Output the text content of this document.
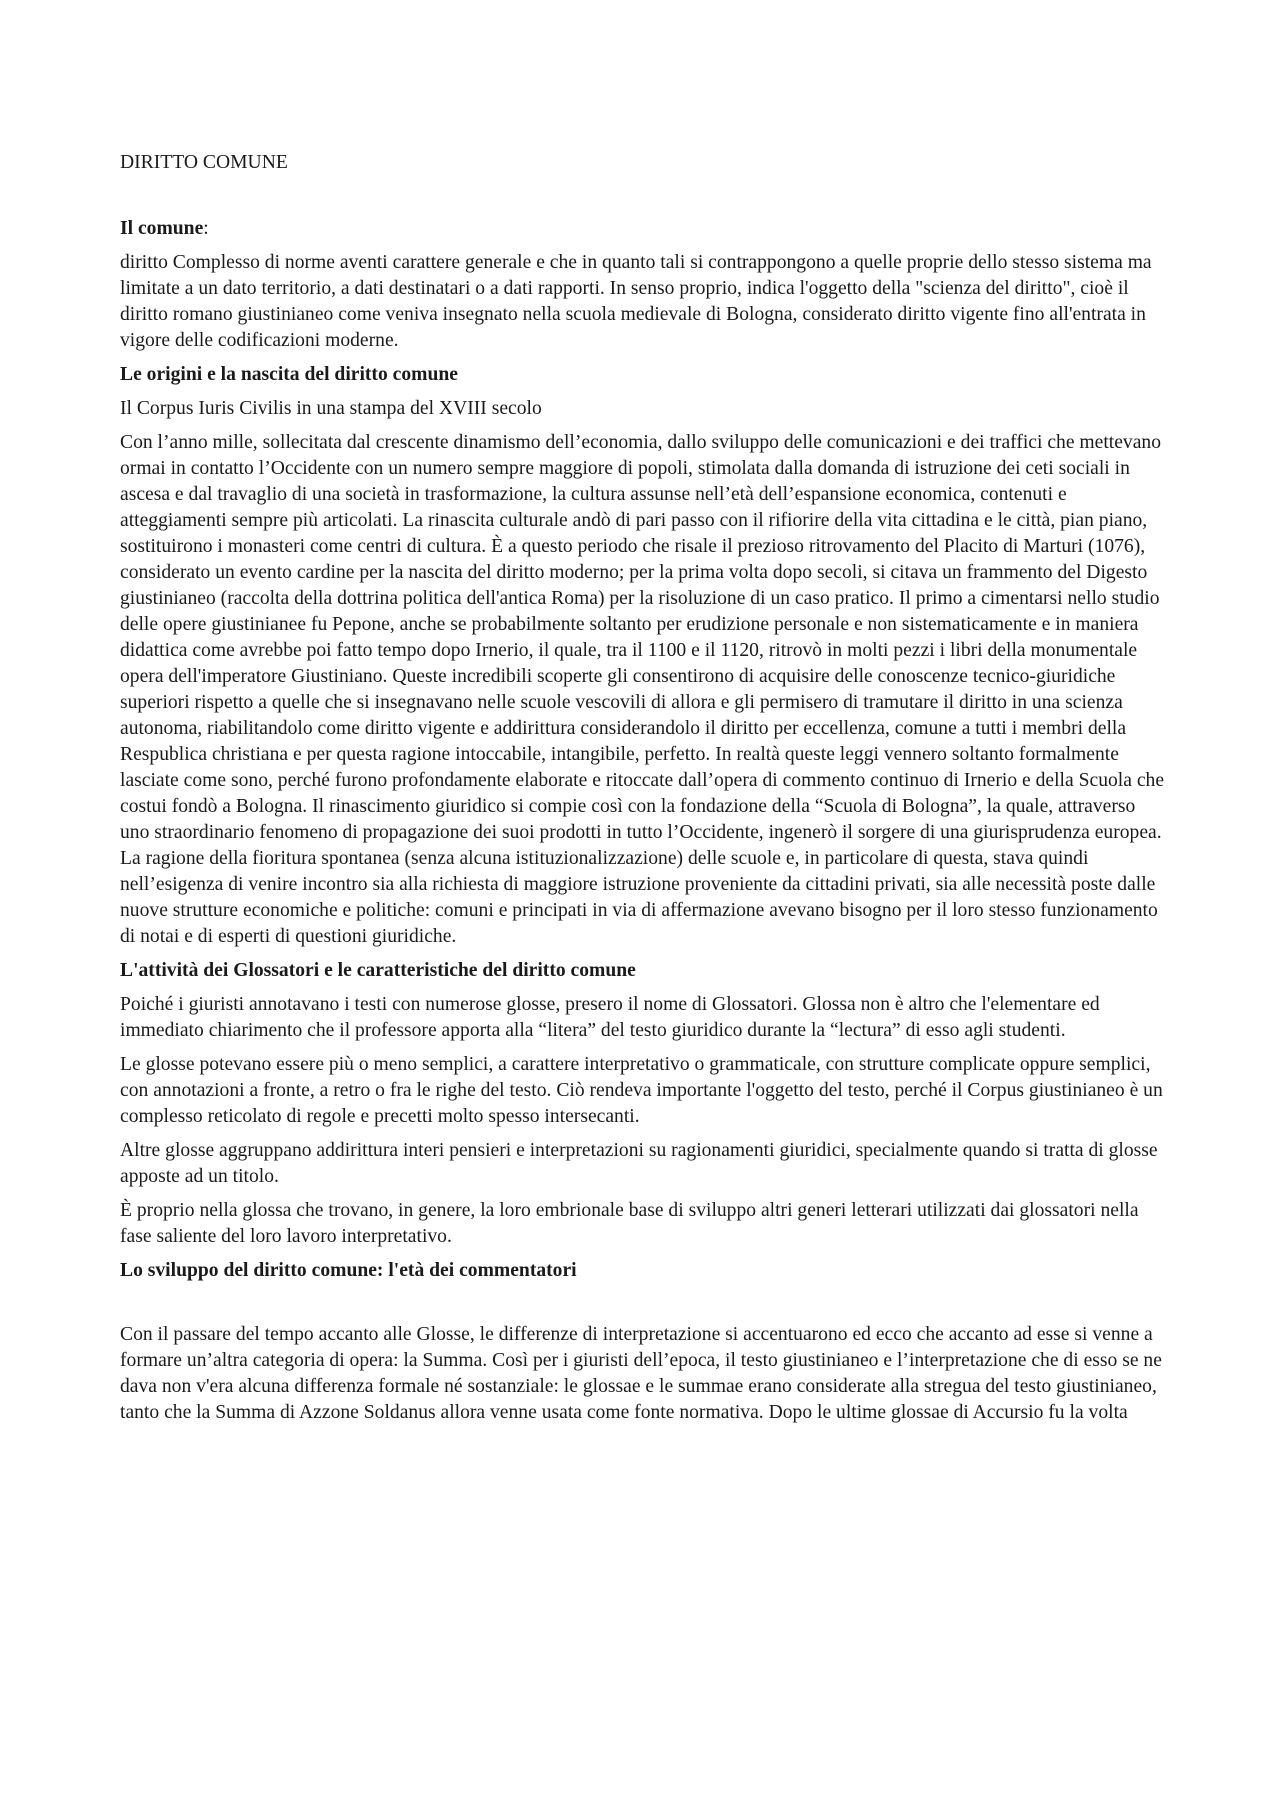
DIRITTO COMUNE
Il comune:

diritto Complesso di norme aventi carattere generale e che in quanto tali si contrappongono a quelle proprie dello stesso sistema ma limitate a un dato territorio, a dati destinatari o a dati rapporti. In senso proprio, indica l'oggetto della "scienza del diritto", cioè il diritto romano giustinianeo come veniva insegnato nella scuola medievale di Bologna, considerato diritto vigente fino all'entrata in vigore delle codificazioni moderne.

Le origini e la nascita del diritto comune

Il Corpus Iuris Civilis in una stampa del XVIII secolo

Con l’anno mille, sollecitata dal crescente dinamismo dell’economia, dallo sviluppo delle comunicazioni e dei traffici che mettevano ormai in contatto l’Occidente con un numero sempre maggiore di popoli, stimolata dalla domanda di istruzione dei ceti sociali in ascesa e dal travaglio di una società in trasformazione, la cultura assunse nell’età dell’espansione economica, contenuti e atteggiamenti sempre più articolati. La rinascita culturale andò di pari passo con il rifiorire della vita cittadina e le città, pian piano, sostituirono i monasteri come centri di cultura. È a questo periodo che risale il prezioso ritrovamento del Placito di Marturi (1076), considerato un evento cardine per la nascita del diritto moderno; per la prima volta dopo secoli, si citava un frammento del Digesto giustinianeo (raccolta della dottrina politica dell'antica Roma) per la risoluzione di un caso pratico. Il primo a cimentarsi nello studio delle opere giustinianee fu Pepone, anche se probabilmente soltanto per erudizione personale e non sistematicamente e in maniera didattica come avrebbe poi fatto tempo dopo Irnerio, il quale, tra il 1100 e il 1120, ritrovò in molti pezzi i libri della monumentale opera dell'imperatore Giustiniano. Queste incredibili scoperte gli consentirono di acquisire delle conoscenze tecnico-giuridiche superiori rispetto a quelle che si insegnavano nelle scuole vescovili di allora e gli permisero di tramutare il diritto in una scienza autonoma, riabilitandolo come diritto vigente e addirittura considerandolo il diritto per eccellenza, comune a tutti i membri della Respublica christiana e per questa ragione intoccabile, intangibile, perfetto. In realtà queste leggi vennero soltanto formalmente lasciate come sono, perché furono profondamente elaborate e ritoccate dall’opera di commento continuo di Irnerio e della Scuola che costui fondò a Bologna. Il rinascimento giuridico si compie così con la fondazione della “Scuola di Bologna”, la quale, attraverso uno straordinario fenomeno di propagazione dei suoi prodotti in tutto l’Occidente, ingenerò il sorgere di una giurisprudenza europea. La ragione della fioritura spontanea (senza alcuna istituzionalizzazione) delle scuole e, in particolare di questa, stava quindi nell’esigenza di venire incontro sia alla richiesta di maggiore istruzione proveniente da cittadini privati, sia alle necessità poste dalle nuove strutture economiche e politiche: comuni e principati in via di affermazione avevano bisogno per il loro stesso funzionamento di notai e di esperti di questioni giuridiche.

L'attività dei Glossatori e le caratteristiche del diritto comune

Poiché i giuristi annotavano i testi con numerose glosse, presero il nome di Glossatori. Glossa non è altro che l'elementare ed immediato chiarimento che il professore apporta alla “litera” del testo giuridico durante la “lectura” di esso agli studenti.

Le glosse potevano essere più o meno semplici, a carattere interpretativo o grammaticale, con strutture complicate oppure semplici, con annotazioni a fronte, a retro o fra le righe del testo. Ciò rendeva importante l'oggetto del testo, perché il Corpus giustinianeo è un complesso reticolato di regole e precetti molto spesso intersecanti.

Altre glosse aggruppano addirittura interi pensieri e interpretazioni su ragionamenti giuridici, specialmente quando si tratta di glosse apposte ad un titolo.

È proprio nella glossa che trovano, in genere, la loro embrionale base di sviluppo altri generi letterari utilizzati dai glossatori nella fase saliente del loro lavoro interpretativo.

Lo sviluppo del diritto comune: l'età dei commentatori

Con il passare del tempo accanto alle Glosse, le differenze di interpretazione si accentuarono ed ecco che accanto ad esse si venne a formare un’altra categoria di opera: la Summa. Così per i giuristi dell’epoca, il testo giustinianeo e l’interpretazione che di esso se ne dava non v'era alcuna differenza formale né sostanziale: le glossae e le summae erano considerate alla stregua del testo giustinianeo, tanto che la Summa di Azzone Soldanus allora venne usata come fonte normativa. Dopo le ultime glossae di Accursio fu la volta
